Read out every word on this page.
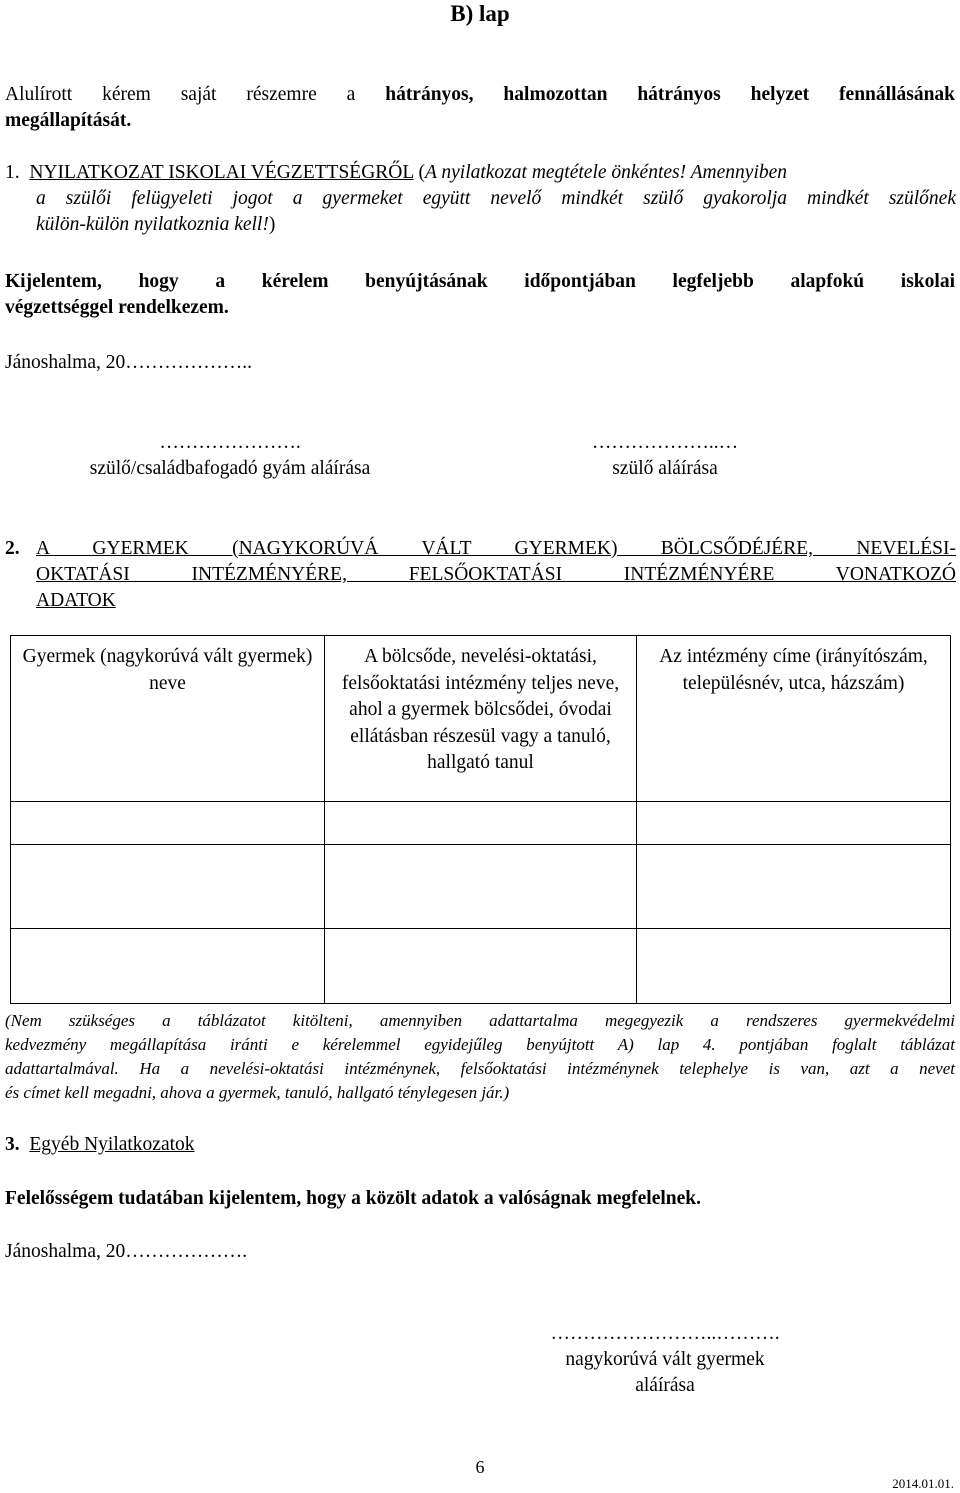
B) lap
Alulírott kérem saját részemre a hátrányos, halmozottan hátrányos helyzet fennállásának
megállapítását.
1. NYILATKOZAT ISKOLAI VÉGZETTSÉGRŐL (A nyilatkozat megtétele önkéntes! Amennyiben
a szülői felügyeleti jogot a gyermeket együtt nevelő mindkét szülő gyakorolja mindkét szülőnek
külön-külön nyilatkoznia kell!)
Kijelentem, hogy a kérelem benyújtásának időpontjában legfeljebb alapfokú iskolai
végzettséggel rendelkezem.
Jánoshalma, 20………………..
………………….
szülő/családbafogadó gyám aláírása
………………..…
szülő aláírása
2. A GYERMEK (NAGYKORÚVÁ VÁLT GYERMEK) BÖLCSŐDÉJÉRE, NEVELÉSI-
OKTATÁSI INTÉZMÉNYÉRE, FELSŐOKTATÁSI INTÉZMÉNYÉRE VONATKOZÓ
ADATOK
Gyermek (nagykorúvá vált gyermek) neve	A bölcsőde, nevelési-oktatási, felsőoktatási intézmény teljes neve, ahol a gyermek bölcsődei, óvodai ellátásban részesül vagy a tanuló, hallgató tanul	Az intézmény címe (irányítószám, településnév, utca, házszám)

(Nem szükséges a táblázatot kitölteni, amennyiben adattartalma megegyezik a rendszeres gyermekvédelmi
kedvezmény megállapítása iránti e kérelemmel egyidejűleg benyújtott A) lap 4. pontjában foglalt táblázat
adattartalmával. Ha a nevelési-oktatási intézménynek, felsőoktatási intézménynek telephelye is van, azt a nevet
és címet kell megadni, ahova a gyermek, tanuló, hallgató ténylegesen jár.)
3. Egyéb Nyilatkozatok
Felelősségem tudatában kijelentem, hogy a közölt adatok a valóságnak megfelelnek.
Jánoshalma, 20……………….
……………………..……….
nagykorúvá vált gyermek
aláírása
6
2014.01.01.
